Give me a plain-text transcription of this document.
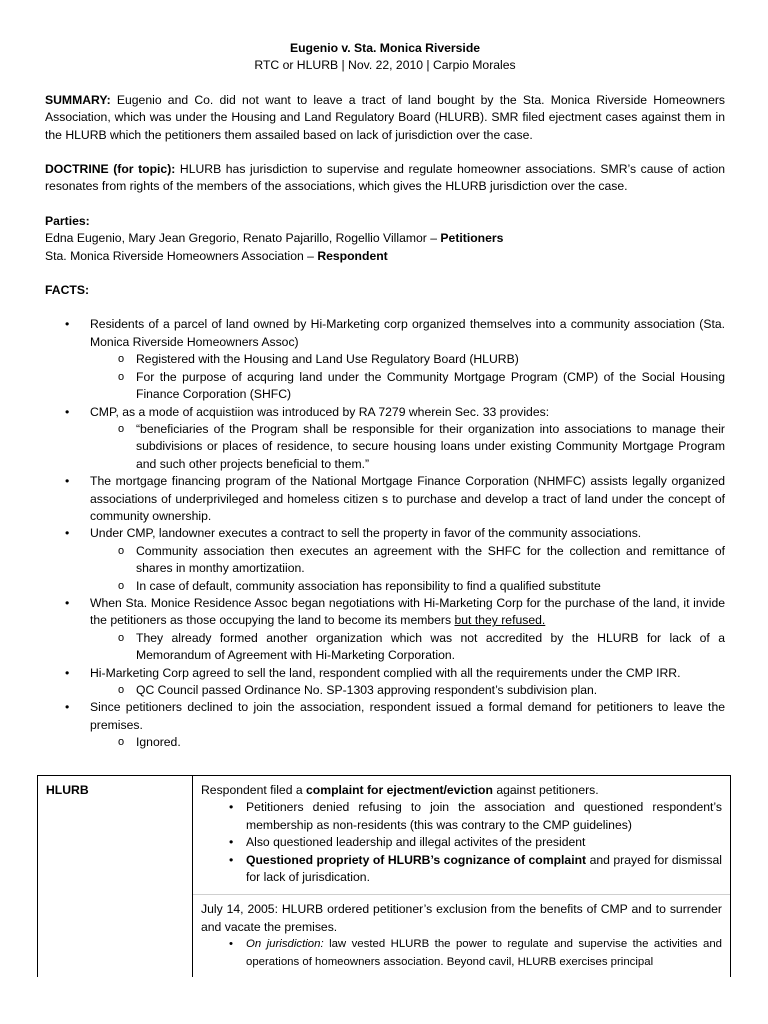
Eugenio v. Sta. Monica Riverside

RTC or HLURB | Nov. 22, 2010 | Carpio Morales

SUMMARY: Eugenio and Co. did not want to leave a tract of land bought by the Sta. Monica Riverside Homeowners Association, which was under the Housing and Land Regulatory Board (HLURB). SMR filed ejectment cases against them in the HLURB which the petitioners them assailed based on lack of jurisdiction over the case.

DOCTRINE (for topic): HLURB has jurisdiction to supervise and regulate homeowner associations. SMR’s cause of action resonates from rights of the members of the associations, which gives the HLURB jurisdiction over the case.

Parties:

Edna Eugenio, Mary Jean Gregorio, Renato Pajarillo, Rogellio Villamor – Petitioners

Sta. Monica Riverside Homeowners Association – Respondent

FACTS:

• Residents of a parcel of land owned by Hi-Marketing corp organized themselves into a community association (Sta. Monica Riverside Homeowners Assoc)
o Registered with the Housing and Land Use Regulatory Board (HLURB)
o For the purpose of acquring land under the Community Mortgage Program (CMP) of the Social Housing Finance Corporation (SHFC)
• CMP, as a mode of acquistiion was introduced by RA 7279 wherein Sec. 33 provides:
o “beneficiaries of the Program shall be responsible for their organization into associations to manage their subdivisions or places of residence, to secure housing loans under existing Community Mortgage Program and such other projects beneficial to them.”
• The mortgage financing program of the National Mortgage Finance Corporation (NHMFC) assists legally organized associations of underprivileged and homeless citizen s to purchase and develop a tract of land under the concept of community ownership.
• Under CMP, landowner executes a contract to sell the property in favor of the community associations.
o Community association then executes an agreement with the SHFC for the collection and remittance of shares in monthy amortizatiion.
o In case of default, community association has reponsibility to find a qualified substitute
• When Sta. Monice Residence Assoc began negotiations with Hi-Marketing Corp for the purchase of the land, it invide the petitioners as those occupying the land to become its members but they refused.
o They already formed another organization which was not accredited by the HLURB for lack of a Memorandum of Agreement with Hi-Marketing Corporation.
• Hi-Marketing Corp agreed to sell the land, respondent complied with all the requirements under the CMP IRR.
o QC Council passed Ordinance No. SP-1303 approving respondent’s subdivision plan.
• Since petitioners declined to join the association, respondent issued a formal demand for petitioners to leave the premises.
o Ignored.
HLURB	Respondent filed a complaint for ejectment/eviction against petitioners.

• Petitioners denied refusing to join the association and questioned respondent’s membership as non-residents (this was contrary to the CMP guidelines)
• Also questioned leadership and illegal activites of the president
• Questioned propriety of HLURB’s cognizance of complaint and prayed for dismissal for lack of jurisdication.

July 14, 2005: HLURB ordered petitioner’s exclusion from the benefits of CMP and to surrender and vacate the premises.

• On jurisdiction: law vested HLURB the power to regulate and supervise the activities and operations of homeowners association. Beyond cavil, HLURB exercises principal
